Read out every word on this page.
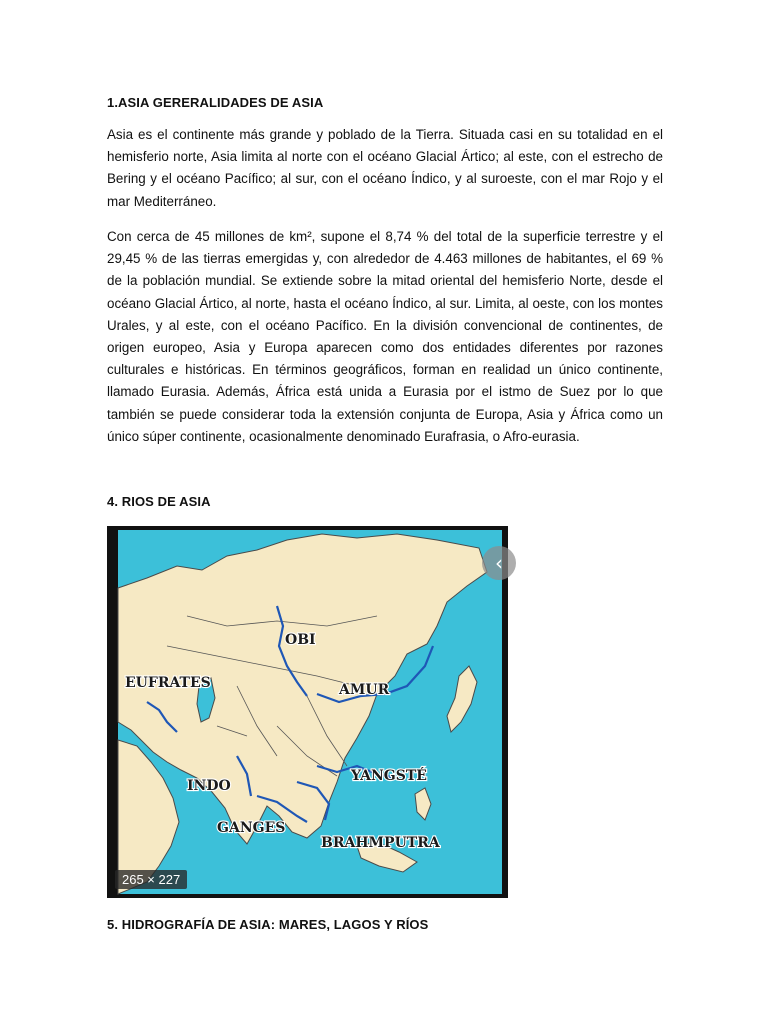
1.ASIA GERERALIDADES DE ASIA

Asia es el continente más grande y poblado de la Tierra. Situada casi en su totalidad en el hemisferio norte, Asia limita al norte con el océano Glacial Ártico; al este, con el estrecho de Bering y el océano Pacífico; al sur, con el océano Índico, y al suroeste, con el mar Rojo y el mar Mediterráneo.

Con cerca de 45 millones de km², supone el 8,74 % del total de la superficie terrestre y el 29,45 % de las tierras emergidas y, con alrededor de 4.463 millones de habitantes, el 69 % de la población mundial. Se extiende sobre la mitad oriental del hemisferio Norte, desde el océano Glacial Ártico, al norte, hasta el océano Índico, al sur. Limita, al oeste, con los montes Urales, y al este, con el océano Pacífico. En la división convencional de continentes, de origen europeo, Asia y Europa aparecen como dos entidades diferentes por razones culturales e históricas. En términos geográficos, forman en realidad un único continente, llamado Eurasia. Además, África está unida a Eurasia por el istmo de Suez por lo que también se puede considerar toda la extensión conjunta de Europa, Asia y África como un único súper continente, ocasionalmente denominado Eurafrasia, o Afro-eurasia.

4. RIOS DE ASIA
OBI
EUFRATES	AMUR
INDO
YANGSTÉ
GANGES
BRAHMPUTRA
‹
265 × 227
5. HIDROGRAFÍA DE ASIA: MARES, LAGOS Y RÍOS
